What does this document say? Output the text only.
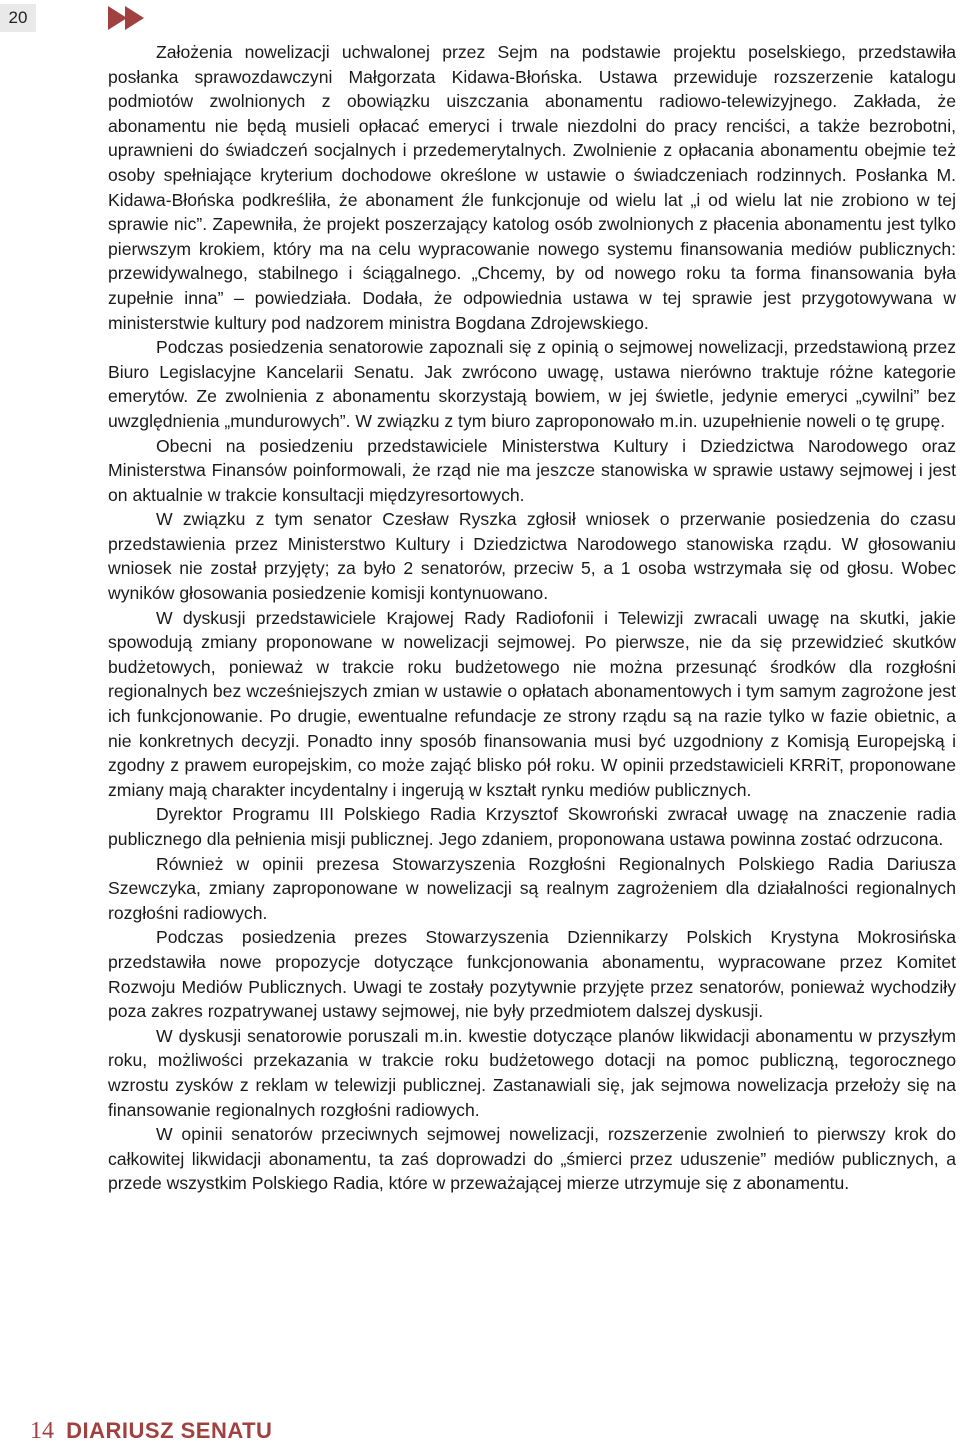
20

Założenia nowelizacji uchwalonej przez Sejm na podstawie projektu poselskiego, przedstawiła posłanka sprawozdawczyni Małgorzata Kidawa-Błońska. Ustawa przewiduje rozszerzenie katalogu podmiotów zwolnionych z obowiązku uiszczania abonamentu radiowo-telewizyjnego. Zakłada, że abonamentu nie będą musieli opłacać emeryci i trwale niezdolni do pracy renciści, a także bezrobotni, uprawnieni do świadczeń socjalnych i przedemerytalnych. Zwolnienie z opłacania abonamentu obejmie też osoby spełniające kryterium dochodowe określone w ustawie o świadczeniach rodzinnych. Posłanka M. Kidawa-Błońska podkreśliła, że abonament źle funkcjonuje od wielu lat „i od wielu lat nie zrobiono w tej sprawie nic”. Zapewniła, że projekt poszerzający katolog osób zwolnionych z płacenia abonamentu jest tylko pierwszym krokiem, który ma na celu wypracowanie nowego systemu finansowania mediów publicznych: przewidywalnego, stabilnego i ściągalnego. „Chcemy, by od nowego roku ta forma finansowania była zupełnie inna” – powiedziała. Dodała, że odpowiednia ustawa w tej sprawie jest przygotowywana w ministerstwie kultury pod nadzorem ministra Bogdana Zdrojewskiego.

Podczas posiedzenia senatorowie zapoznali się z opinią o sejmowej nowelizacji, przedstawioną przez Biuro Legislacyjne Kancelarii Senatu. Jak zwrócono uwagę, ustawa nierówno traktuje różne kategorie emerytów. Ze zwolnienia z abonamentu skorzystają bowiem, w jej świetle, jedynie emeryci „cywilni” bez uwzględnienia „mundurowych”. W związku z tym biuro zaproponowało m.in. uzupełnienie noweli o tę grupę.

Obecni na posiedzeniu przedstawiciele Ministerstwa Kultury i Dziedzictwa Narodowego oraz Ministerstwa Finansów poinformowali, że rząd nie ma jeszcze stanowiska w sprawie ustawy sejmowej i jest on aktualnie w trakcie konsultacji międzyresortowych.

W związku z tym senator Czesław Ryszka zgłosił wniosek o przerwanie posiedzenia do czasu przedstawienia przez Ministerstwo Kultury i Dziedzictwa Narodowego stanowiska rządu. W głosowaniu wniosek nie został przyjęty; za było 2 senatorów, przeciw 5, a 1 osoba wstrzymała się od głosu. Wobec wyników głosowania posiedzenie komisji kontynuowano.

W dyskusji przedstawiciele Krajowej Rady Radiofonii i Telewizji zwracali uwagę na skutki, jakie spowodują zmiany proponowane w nowelizacji sejmowej. Po pierwsze, nie da się przewidzieć skutków budżetowych, ponieważ w trakcie roku budżetowego nie można przesunąć środków dla rozgłośni regionalnych bez wcześniejszych zmian w ustawie o opłatach abonamentowych i tym samym zagrożone jest ich funkcjonowanie. Po drugie, ewentualne refundacje ze strony rządu są na razie tylko w fazie obietnic, a nie konkretnych decyzji. Ponadto inny sposób finansowania musi być uzgodniony z Komisją Europejską i zgodny z prawem europejskim, co może zająć blisko pół roku. W opinii przedstawicieli KRRiT, proponowane zmiany mają charakter incydentalny i ingerują w kształt rynku mediów publicznych.

Dyrektor Programu III Polskiego Radia Krzysztof Skowroński zwracał uwagę na znaczenie radia publicznego dla pełnienia misji publicznej. Jego zdaniem, proponowana ustawa powinna zostać odrzucona.

Również w opinii prezesa Stowarzyszenia Rozgłośni Regionalnych Polskiego Radia Dariusza Szewczyka, zmiany zaproponowane w nowelizacji są realnym zagrożeniem dla działalności regionalnych rozgłośni radiowych.

Podczas posiedzenia prezes Stowarzyszenia Dziennikarzy Polskich Krystyna Mokrosińska przedstawiła nowe propozycje dotyczące funkcjonowania abonamentu, wypracowane przez Komitet Rozwoju Mediów Publicznych. Uwagi te zostały pozytywnie przyjęte przez senatorów, ponieważ wychodziły poza zakres rozpatrywanej ustawy sejmowej, nie były przedmiotem dalszej dyskusji.

W dyskusji senatorowie poruszali m.in. kwestie dotyczące planów likwidacji abonamentu w przyszłym roku, możliwości przekazania w trakcie roku budżetowego dotacji na pomoc publiczną, tegorocznego wzrostu zysków z reklam w telewizji publicznej. Zastanawiali się, jak sejmowa nowelizacja przełoży się na finansowanie regionalnych rozgłośni radiowych.

W opinii senatorów przeciwnych sejmowej nowelizacji, rozszerzenie zwolnień to pierwszy krok do całkowitej likwidacji abonamentu, ta zaś doprowadzi do „śmierci przez uduszenie” mediów publicznych, a przede wszystkim Polskiego Radia, które w przeważającej mierze utrzymuje się z abonamentu.

14 DIARIUSZ SENATU
